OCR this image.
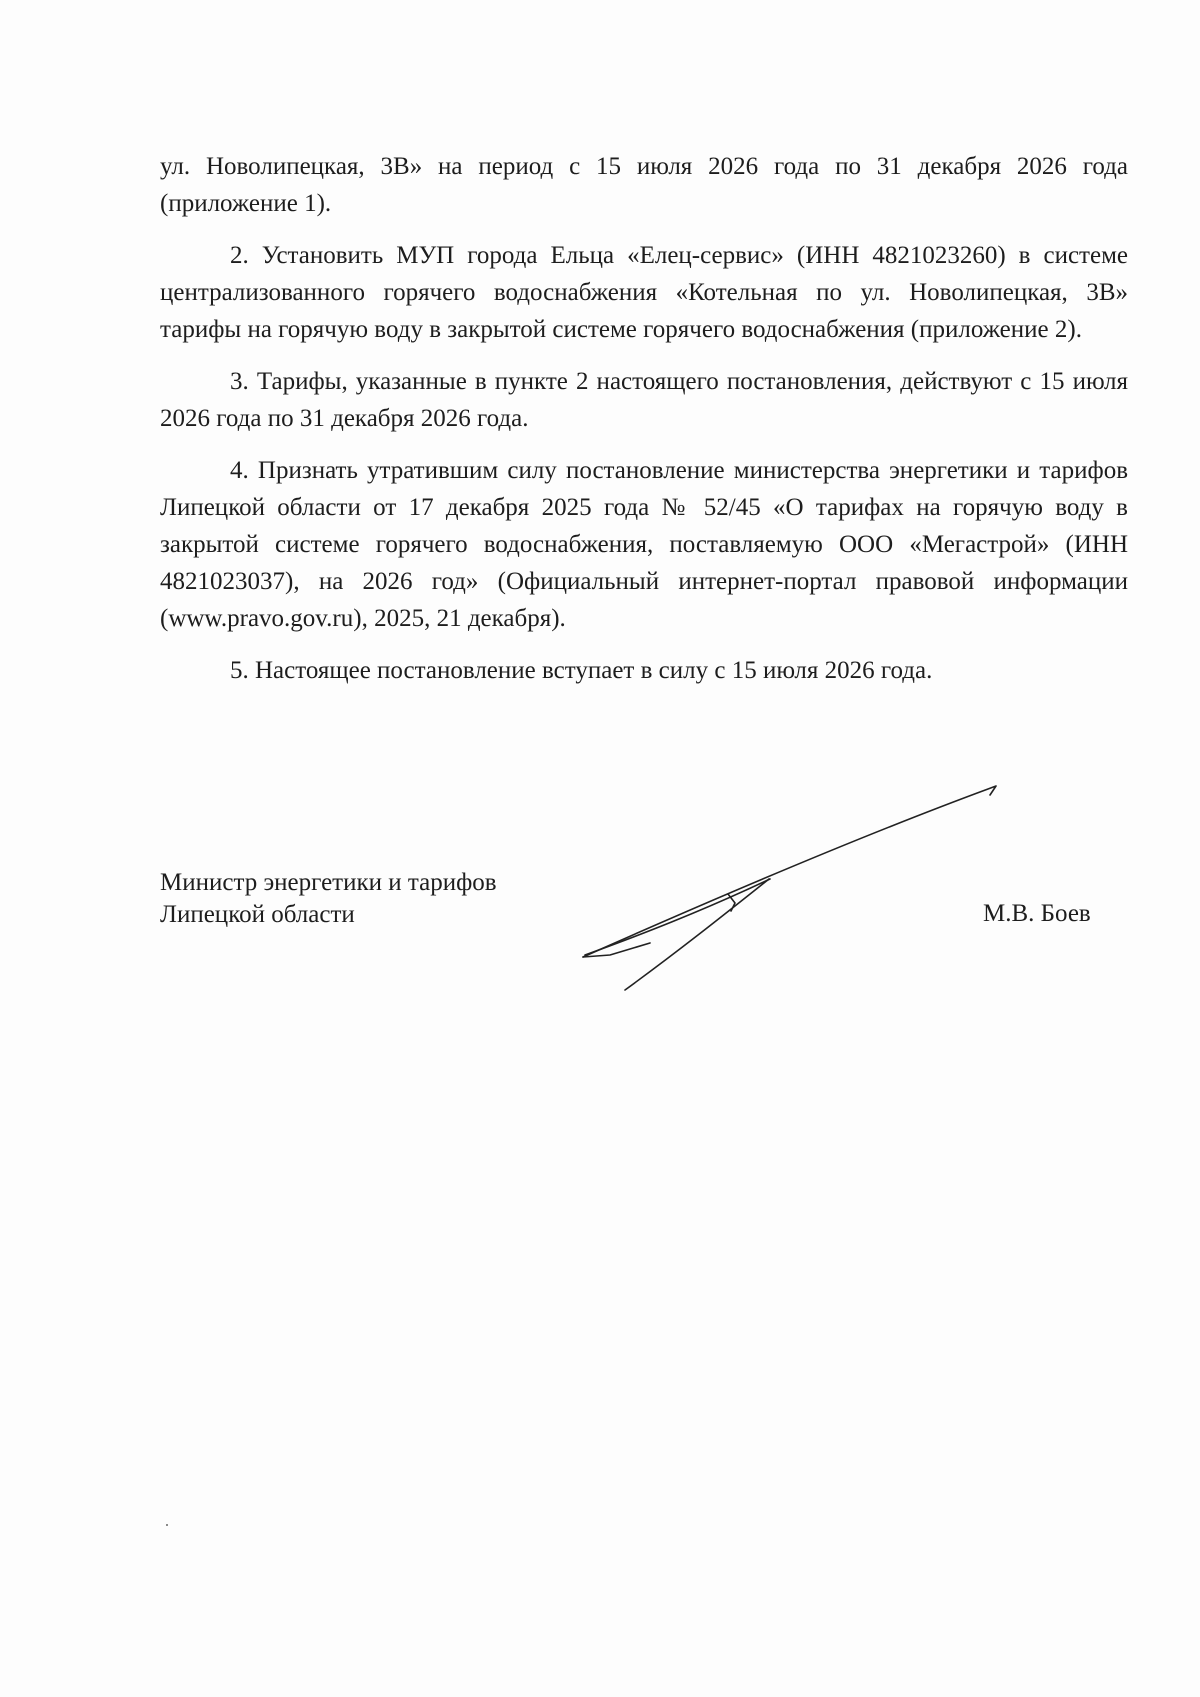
ул. Новолипецкая, 3В» на период с 15 июля 2026 года по 31 декабря 2026 года (приложение 1).

2. Установить МУП города Ельца «Елец-сервис» (ИНН 4821023260) в системе централизованного горячего водоснабжения «Котельная по ул. Новолипецкая, 3В» тарифы на горячую воду в закрытой системе горячего водоснабжения (приложение 2).

3. Тарифы, указанные в пункте 2 настоящего постановления, действуют с 15 июля 2026 года по 31 декабря 2026 года.

4. Признать утратившим силу постановление министерства энергетики и тарифов Липецкой области от 17 декабря 2025 года № 52/45 «О тарифах на горячую воду в закрытой системе горячего водоснабжения, поставляемую ООО «Мегастрой» (ИНН 4821023037), на 2026 год» (Официальный интернет-портал правовой информации (www.pravo.gov.ru), 2025, 21 декабря).

5. Настоящее постановление вступает в силу с 15 июля 2026 года.

Министр энергетики и тарифов
Липецкой области	М.В. Боев
